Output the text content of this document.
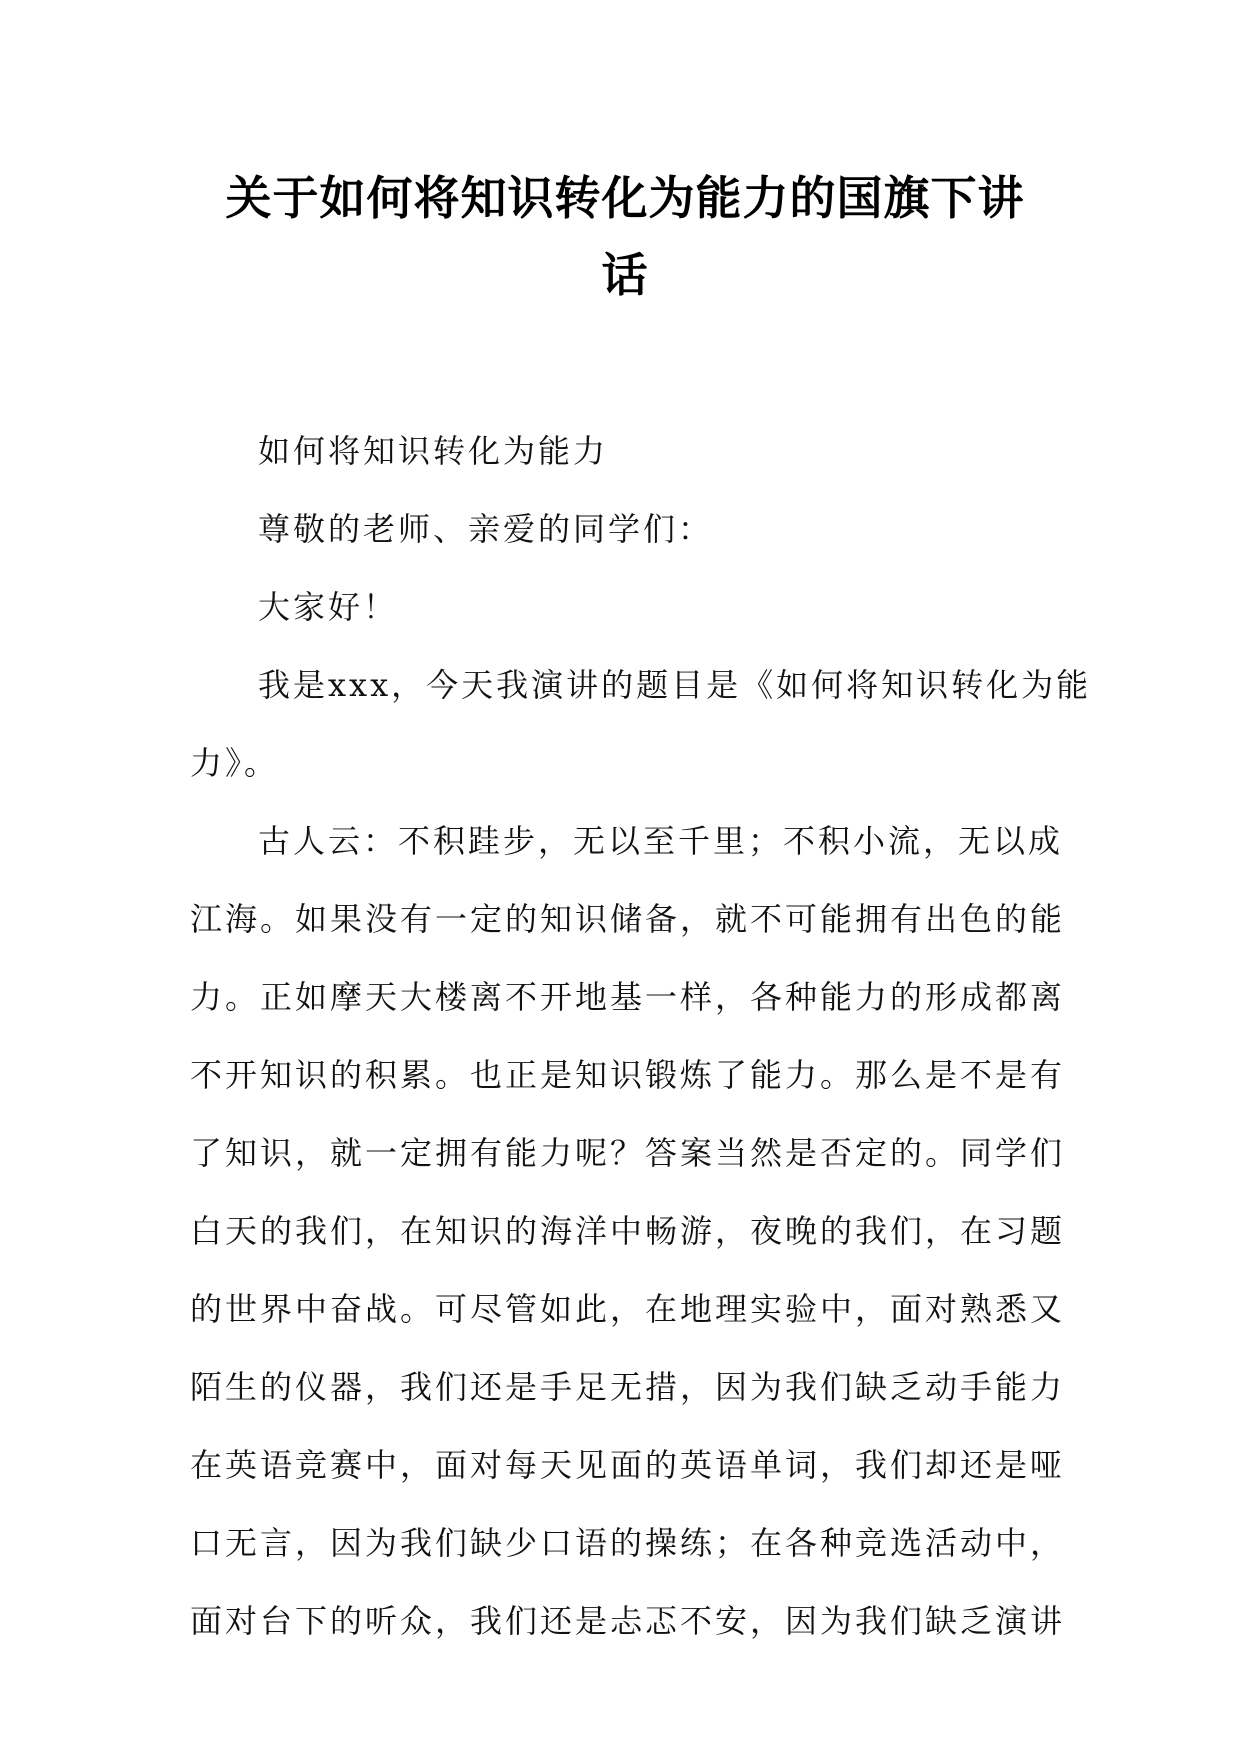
关于如何将知识转化为能力的国旗下讲
话
如何将知识转化为能力
尊敬的老师、亲爱的同学们：
大家好！
我是xxx，今天我演讲的题目是《如何将知识转化为能
力》。
古人云：不积跬步，无以至千里；不积小流，无以成
江海。如果没有一定的知识储备，就不可能拥有出色的能
力。正如摩天大楼离不开地基一样，各种能力的形成都离
不开知识的积累。也正是知识锻炼了能力。那么是不是有
了知识，就一定拥有能力呢？答案当然是否定的。同学们
白天的我们，在知识的海洋中畅游，夜晚的我们，在习题
的世界中奋战。可尽管如此，在地理实验中，面对熟悉又
陌生的仪器，我们还是手足无措，因为我们缺乏动手能力
在英语竞赛中，面对每天见面的英语单词，我们却还是哑
口无言，因为我们缺少口语的操练；在各种竞选活动中，
面对台下的听众，我们还是忐忑不安，因为我们缺乏演讲
